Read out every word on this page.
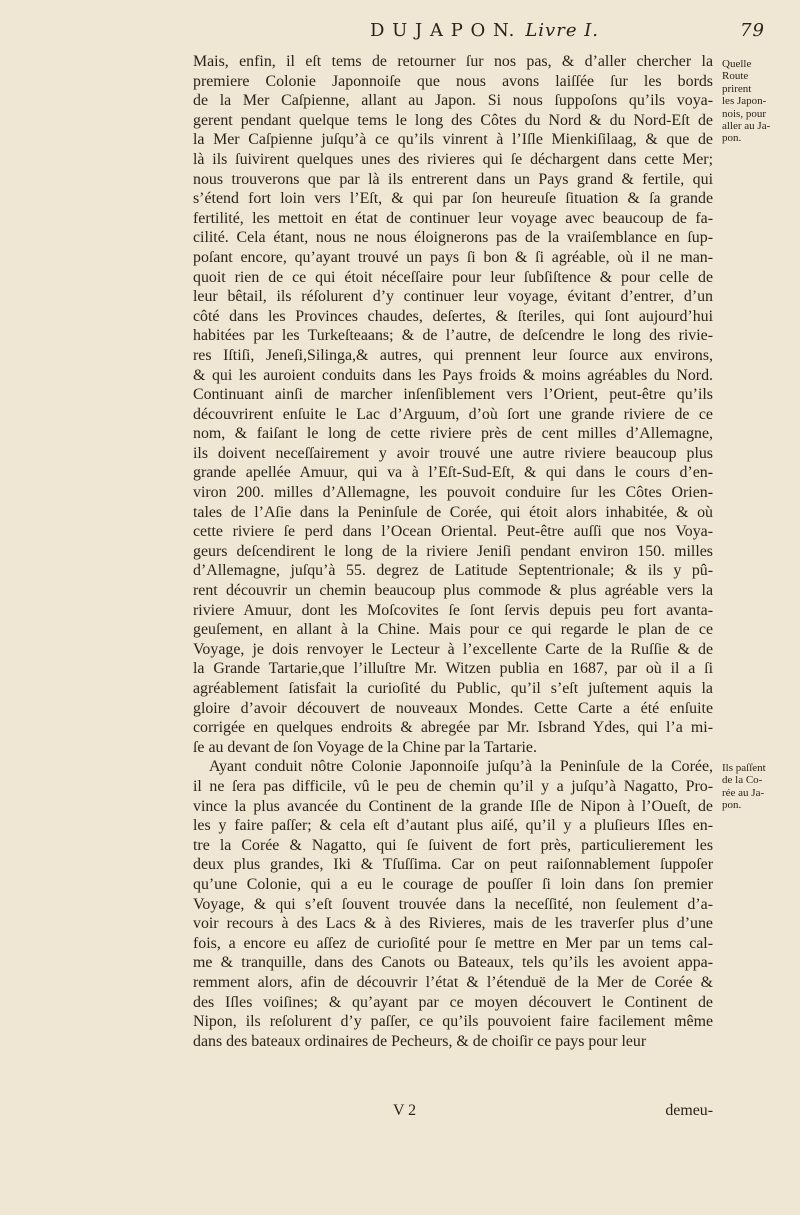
D U J A P O N. Livre I.	79
Mais, enfin, il eſt tems de retourner ſur nos pas, & d’aller chercher la
premiere Colonie Japonnoiſe que nous avons laiſſée ſur les bords
de la Mer Caſpienne, allant au Japon. Si nous ſuppoſons qu’ils voya-
gerent pendant quelque tems le long des Côtes du Nord & du Nord-Eſt de
la Mer Caſpienne juſqu’à ce qu’ils vinrent à l’Iſle Mienkiſilaag, & que de
là ils ſuivirent quelques unes des rivieres qui ſe déchargent dans cette Mer;
nous trouverons que par là ils entrerent dans un Pays grand & fertile, qui
s’étend fort loin vers l’Eſt, & qui par ſon heureuſe ſituation & ſa grande
fertilité, les mettoit en état de continuer leur voyage avec beaucoup de fa-
cilité. Cela étant, nous ne nous éloignerons pas de la vraiſemblance en ſup-
poſant encore, qu’ayant trouvé un pays ſi bon & ſi agréable, où il ne man-
quoit rien de ce qui étoit néceſſaire pour leur ſubſiſtence & pour celle de
leur bêtail, ils réſolurent d’y continuer leur voyage, évitant d’entrer, d’un
côté dans les Provinces chaudes, deſertes, & ſteriles, qui ſont aujourd’hui
habitées par les Turkeſteaans; & de l’autre, de deſcendre le long des rivie-
res Iſtiſi, Jeneſi,Silinga,& autres, qui prennent leur ſource aux environs,
& qui les auroient conduits dans les Pays froids & moins agréables du Nord.
Continuant ainſi de marcher inſenſiblement vers l’Orient, peut-être qu’ils
découvrirent enſuite le Lac d’Arguum, d’où ſort une grande riviere de ce
nom, & faiſant le long de cette riviere près de cent milles d’Allemagne,
ils doivent neceſſairement y avoir trouvé une autre riviere beaucoup plus
grande apellée Amuur, qui va à l’Eſt-Sud-Eſt, & qui dans le cours d’en-
viron 200. milles d’Allemagne, les pouvoit conduire ſur les Côtes Orien-
tales de l’Aſie dans la Peninſule de Corée, qui étoit alors inhabitée, & où
cette riviere ſe perd dans l’Ocean Oriental. Peut-être auſſi que nos Voya-
geurs deſcendirent le long de la riviere Jeniſi pendant environ 150. milles
d’Allemagne, juſqu’à 55. degrez de Latitude Septentrionale; & ils y pû-
rent découvrir un chemin beaucoup plus commode & plus agréable vers la
riviere Amuur, dont les Moſcovites ſe ſont ſervis depuis peu fort avanta-
geuſement, en allant à la Chine. Mais pour ce qui regarde le plan de ce
Voyage, je dois renvoyer le Lecteur à l’excellente Carte de la Ruſſie & de
la Grande Tartarie,que l’illuſtre Mr. Witzen publia en 1687, par où il a ſi
agréablement ſatisfait la curioſité du Public, qu’il s’eſt juſtement aquis la
gloire d’avoir découvert de nouveaux Mondes. Cette Carte a été enſuite
corrigée en quelques endroits & abregée par Mr. Isbrand Ydes, qui l’a mi-
ſe au devant de ſon Voyage de la Chine par la Tartarie.
Ayant conduit nôtre Colonie Japonnoiſe juſqu’à la Peninſule de la Corée,
il ne ſera pas difficile, vû le peu de chemin qu’il y a juſqu’à Nagatto, Pro-
vince la plus avancée du Continent de la grande Iſle de Nipon à l’Oueſt, de
les y faire paſſer; & cela eſt d’autant plus aiſé, qu’il y a pluſieurs Iſles en-
tre la Corée & Nagatto, qui ſe ſuivent de fort près, particulierement les
deux plus grandes, Iki & Tſuſſima. Car on peut raiſonnablement ſuppoſer
qu’une Colonie, qui a eu le courage de pouſſer ſi loin dans ſon premier
Voyage, & qui s’eſt ſouvent trouvée dans la neceſſité, non ſeulement d’a-
voir recours à des Lacs & à des Rivieres, mais de les traverſer plus d’une
fois, a encore eu aſſez de curioſité pour ſe mettre en Mer par un tems cal-
me & tranquille, dans des Canots ou Bateaux, tels qu’ils les avoient appa-
remment alors, afin de découvrir l’état & l’étenduë de la Mer de Corée &
des Iſles voiſines; & qu’ayant par ce moyen découvert le Continent de
Nipon, ils reſolurent d’y paſſer, ce qu’ils pouvoient faire facilement même
dans des bateaux ordinaires de Pecheurs, & de choiſir ce pays pour leur
Quelle
Route
prirent
les Japon-
nois, pour
aller au Ja-
pon.
Ils paſſent
de la Co-
rée au Ja-
pon.
V 2	demeu-
